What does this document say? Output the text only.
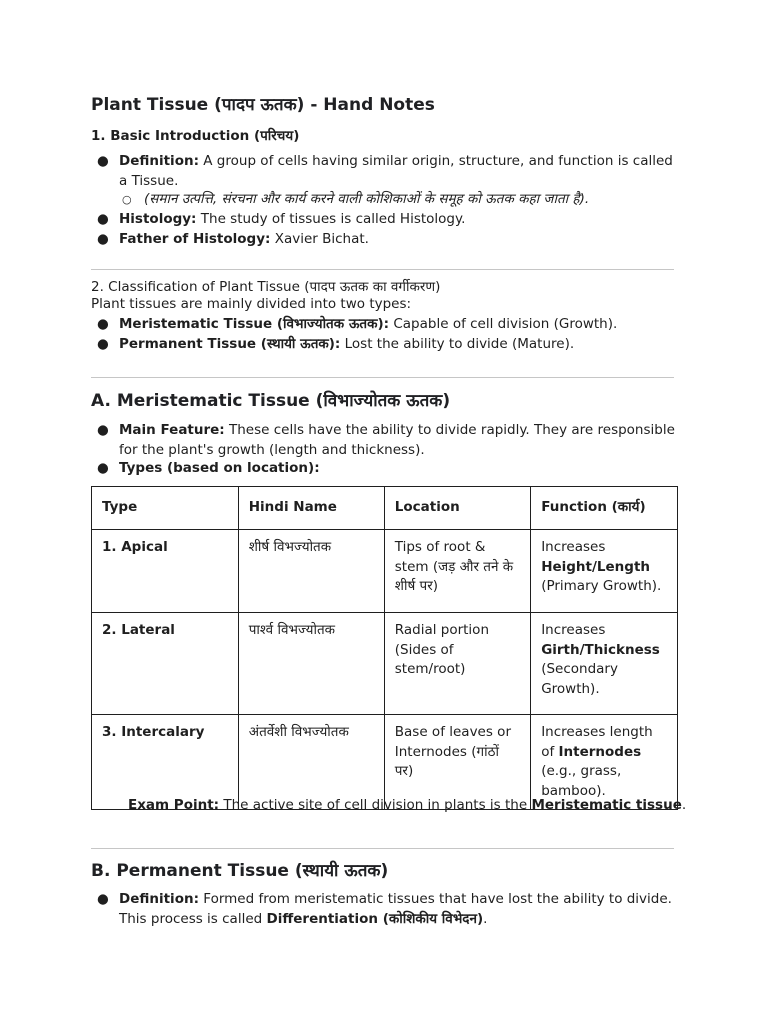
Plant Tissue (पादप ऊतक) - Hand Notes
1. Basic Introduction (परिचय)
● Definition: A group of cells having similar origin, structure, and function is called a Tissue.
○ (समान उत्पत्ति, संरचना और कार्य करने वाली कोशिकाओं के समूह को ऊतक कहा जाता है).
● Histology: The study of tissues is called Histology.
● Father of Histology: Xavier Bichat.
2. Classification of Plant Tissue (पादप ऊतक का वर्गीकरण)
Plant tissues are mainly divided into two types:
● Meristematic Tissue (विभाज्योतक ऊतक): Capable of cell division (Growth).
● Permanent Tissue (स्थायी ऊतक): Lost the ability to divide (Mature).
A. Meristematic Tissue (विभाज्योतक ऊतक)
● Main Feature: These cells have the ability to divide rapidly. They are responsible for the plant's growth (length and thickness).
● Types (based on location):
Type	Hindi Name	Location	Function (कार्य)
1. Apical	शीर्ष विभज्योतक	Tips of root & stem (जड़ और तने के शीर्ष पर)	Increases Height/Length (Primary Growth).
2. Lateral	पार्श्व विभज्योतक	Radial portion (Sides of stem/root)	Increases Girth/Thickness (Secondary Growth).
3. Intercalary	अंतर्वेशी विभज्योतक	Base of leaves or Internodes (गांठों पर)	Increases length of Internodes (e.g., grass, bamboo).
Exam Point: The active site of cell division in plants is the Meristematic tissue.
B. Permanent Tissue (स्थायी ऊतक)
● Definition: Formed from meristematic tissues that have lost the ability to divide. This process is called Differentiation (कोशिकीय विभेदन).
